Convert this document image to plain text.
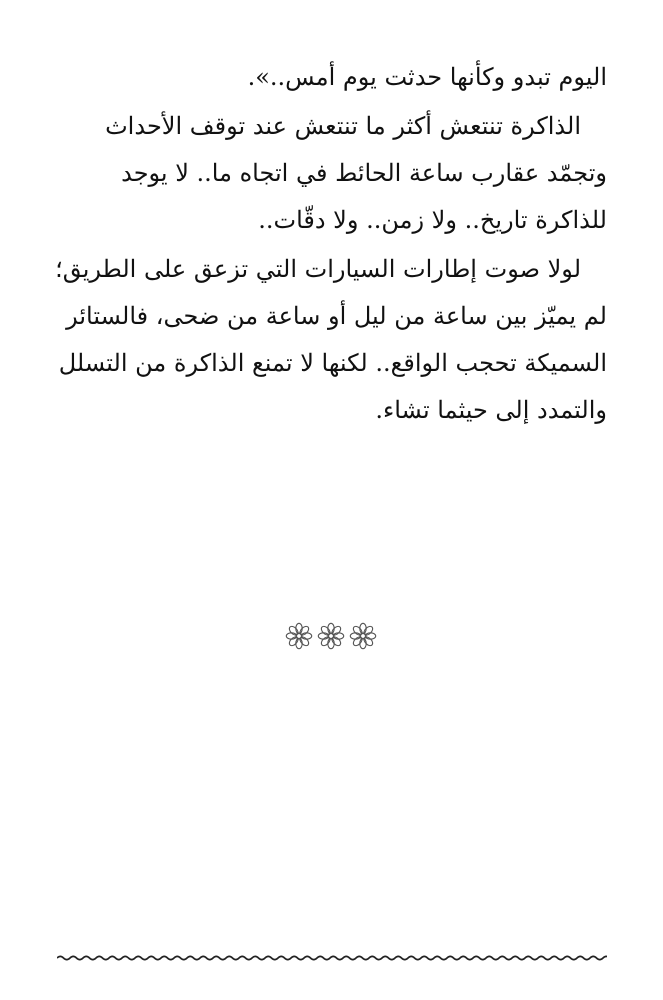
اليوم تبدو وكأنها حدثت يوم أمس..».

الذاكرة تنتعش أكثر ما تنتعش عند توقف الأحداث
وتجمّد عقارب ساعة الحائط في اتجاه ما.. لا يوجد
للذاكرة تاريخ.. ولا زمن.. ولا دقّات..

لولا صوت إطارات السيارات التي تزعق على الطريق؛
لم يميّز بين ساعة من ليل أو ساعة من ضحى، فالستائر
السميكة تحجب الواقع.. لكنها لا تمنع الذاكرة من التسلل
والتمدد إلى حيثما تشاء.
